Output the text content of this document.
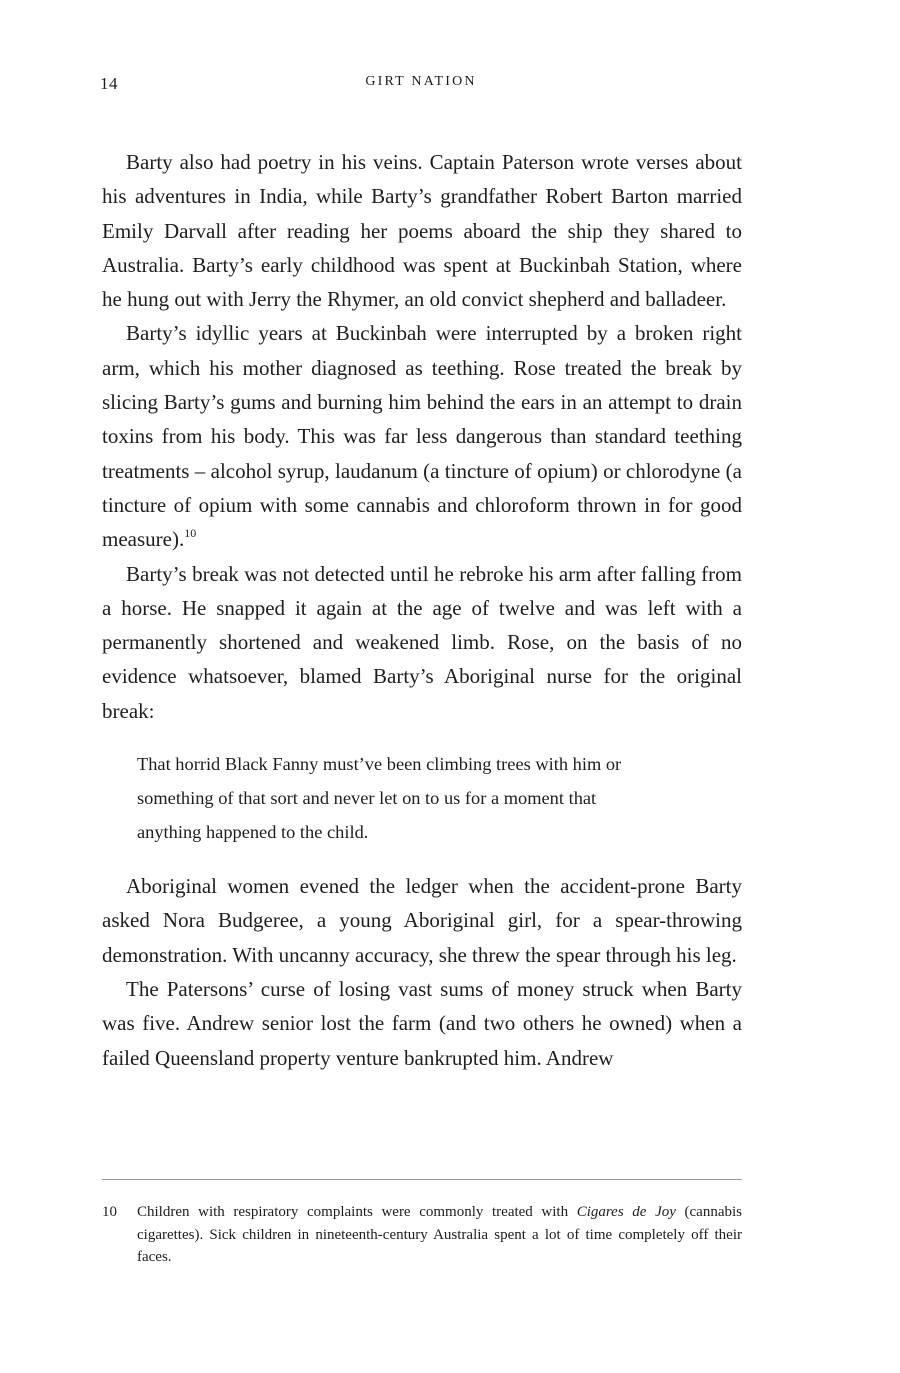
14	GIRT NATION

Barty also had poetry in his veins. Captain Paterson wrote verses about his adventures in India, while Barty’s grandfather Robert Barton married Emily Darvall after reading her poems aboard the ship they shared to Australia. Barty’s early childhood was spent at Buckinbah Station, where he hung out with Jerry the Rhymer, an old convict shepherd and balladeer.

Barty’s idyllic years at Buckinbah were interrupted by a broken right arm, which his mother diagnosed as teething. Rose treated the break by slicing Barty’s gums and burning him behind the ears in an attempt to drain toxins from his body. This was far less dangerous than standard teething treatments – alcohol syrup, laudanum (a tincture of opium) or chlorodyne (a tincture of opium with some cannabis and chloroform thrown in for good measure).$^{10}$

Barty’s break was not detected until he rebroke his arm after falling from a horse. He snapped it again at the age of twelve and was left with a permanently shortened and weakened limb. Rose, on the basis of no evidence whatsoever, blamed Barty’s Aboriginal nurse for the original break:

That horrid Black Fanny must’ve been climbing trees with him or
something of that sort and never let on to us for a moment that
anything happened to the child.

Aboriginal women evened the ledger when the accident-prone Barty asked Nora Budgeree, a young Aboriginal girl, for a spear-throwing demonstration. With uncanny accuracy, she threw the spear through his leg.

The Patersons’ curse of losing vast sums of money struck when Barty was five. Andrew senior lost the farm (and two others he owned) when a failed Queensland property venture bankrupted him. Andrew

10 Children with respiratory complaints were commonly treated with Cigares de Joy (cannabis cigarettes). Sick children in nineteenth-century Australia spent a lot of time completely off their faces.
